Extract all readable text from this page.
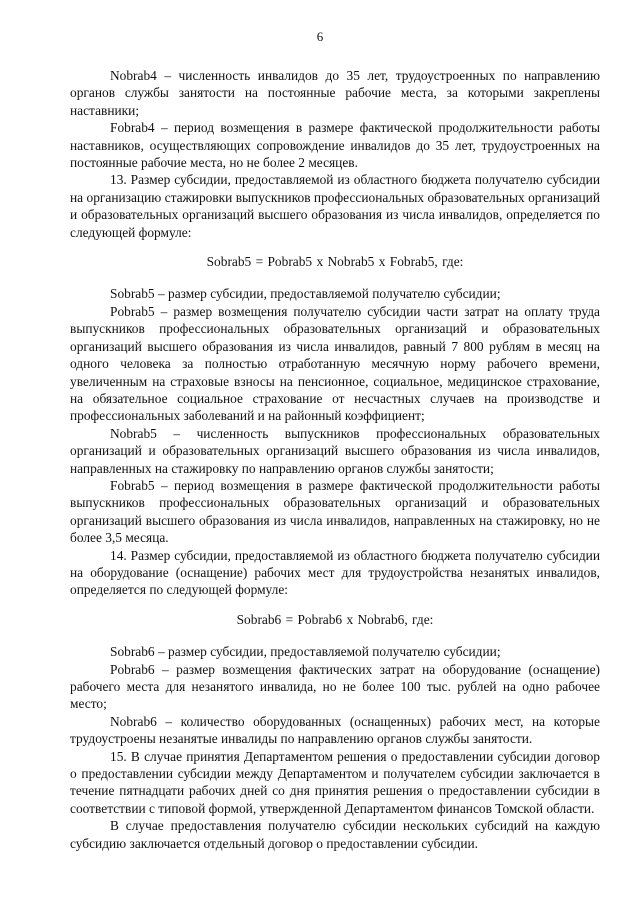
6

Nobrab4 – численность инвалидов до 35 лет, трудоустроенных по направлению органов службы занятости на постоянные рабочие места, за которыми закреплены наставники;

Fobrab4 – период возмещения в размере фактической продолжительности работы наставников, осуществляющих сопровождение инвалидов до 35 лет, трудоустроенных на постоянные рабочие места, но не более 2 месяцев.

13. Размер субсидии, предоставляемой из областного бюджета получателю субсидии на организацию стажировки выпускников профессиональных образовательных организаций и образовательных организаций высшего образования из числа инвалидов, определяется по следующей формуле:

Sobrab5 = Pobrab5 x Nobrab5 x Fobrab5, где:

Sobrab5 – размер субсидии, предоставляемой получателю субсидии;

Pobrab5 – размер возмещения получателю субсидии части затрат на оплату труда выпускников профессиональных образовательных организаций и образовательных организаций высшего образования из числа инвалидов, равный 7 800 рублям в месяц на одного человека за полностью отработанную месячную норму рабочего времени, увеличенным на страховые взносы на пенсионное, социальное, медицинское страхование, на обязательное социальное страхование от несчастных случаев на производстве и профессиональных заболеваний и на районный коэффициент;

Nobrab5 – численность выпускников профессиональных образовательных организаций и образовательных организаций высшего образования из числа инвалидов, направленных на стажировку по направлению органов службы занятости;

Fobrab5 – период возмещения в размере фактической продолжительности работы выпускников профессиональных образовательных организаций и образовательных организаций высшего образования из числа инвалидов, направленных на стажировку, но не более 3,5 месяца.

14. Размер субсидии, предоставляемой из областного бюджета получателю субсидии на оборудование (оснащение) рабочих мест для трудоустройства незанятых инвалидов, определяется по следующей формуле:

Sobrab6 = Pobrab6 x Nobrab6, где:

Sobrab6 – размер субсидии, предоставляемой получателю субсидии;

Pobrab6 – размер возмещения фактических затрат на оборудование (оснащение) рабочего места для незанятого инвалида, но не более 100 тыс. рублей на одно рабочее место;

Nobrab6 – количество оборудованных (оснащенных) рабочих мест, на которые трудоустроены незанятые инвалиды по направлению органов службы занятости.

15. В случае принятия Департаментом решения о предоставлении субсидии договор о предоставлении субсидии между Департаментом и получателем субсидии заключается в течение пятнадцати рабочих дней со дня принятия решения о предоставлении субсидии в соответствии с типовой формой, утвержденной Департаментом финансов Томской области.

В случае предоставления получателю субсидии нескольких субсидий на каждую субсидию заключается отдельный договор о предоставлении субсидии.
